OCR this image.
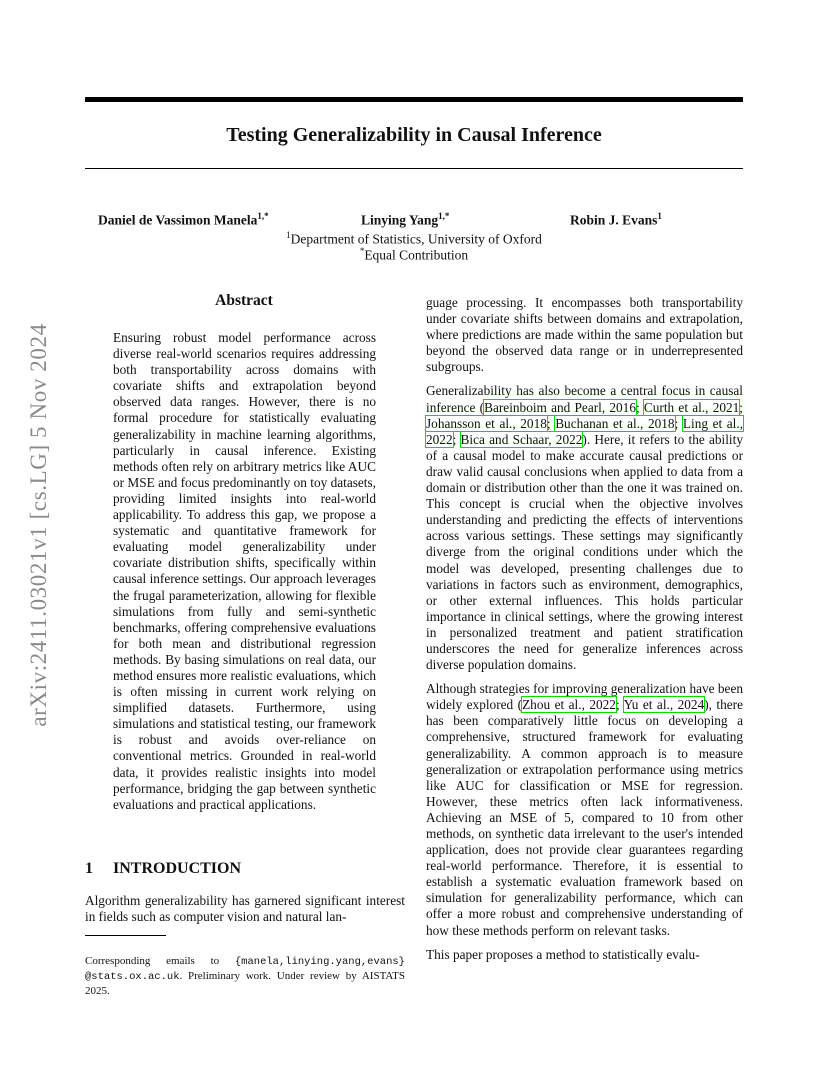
Testing Generalizability in Causal Inference
Daniel de Vassimon Manela$^{1,*}$	Linying Yang$^{1,*}$	Robin J. Evans$^1$
$^1$Department of Statistics, University of Oxford
*Equal Contribution
arXiv:2411.03021v1 [cs.LG] 5 Nov 2024
Abstract

Ensuring robust model performance across diverse real-world scenarios requires addressing both transportability across domains with covariate shifts and extrapolation beyond observed data ranges. However, there is no formal procedure for statistically evaluating generalizability in machine learning algorithms, particularly in causal inference. Existing methods often rely on arbitrary metrics like AUC or MSE and focus predominantly on toy datasets, providing limited insights into real-world applicability. To address this gap, we propose a systematic and quantitative framework for evaluating model generalizability under covariate distribution shifts, specifically within causal inference settings. Our approach leverages the frugal parameterization, allowing for flexible simulations from fully and semi-synthetic benchmarks, offering comprehensive evaluations for both mean and distributional regression methods. By basing simulations on real data, our method ensures more realistic evaluations, which is often missing in current work relying on simplified datasets. Furthermore, using simulations and statistical testing, our framework is robust and avoids over-reliance on conventional metrics. Grounded in real-world data, it provides realistic insights into model performance, bridging the gap between synthetic evaluations and practical applications.

1 INTRODUCTION

Algorithm generalizability has garnered significant interest in fields such as computer vision and natural lan-

Corresponding emails to {manela,linying.yang,evans} @stats.ox.ac.uk. Preliminary work. Under review by AISTATS 2025.

guage processing. It encompasses both transportability under covariate shifts between domains and extrapolation, where predictions are made within the same population but beyond the observed data range or in underrepresented subgroups.

Generalizability has also become a central focus in causal inference (Bareinboim and Pearl, 2016; Curth et al., 2021; Johansson et al., 2018; Buchanan et al., 2018; Ling et al., 2022; Bica and Schaar, 2022). Here, it refers to the ability of a causal model to make accurate causal predictions or draw valid causal conclusions when applied to data from a domain or distribution other than the one it was trained on. This concept is crucial when the objective involves understanding and predicting the effects of interventions across various settings. These settings may significantly diverge from the original conditions under which the model was developed, presenting challenges due to variations in factors such as environment, demographics, or other external influences. This holds particular importance in clinical settings, where the growing interest in personalized treatment and patient stratification underscores the need for generalize inferences across diverse population domains.

Although strategies for improving generalization have been widely explored (Zhou et al., 2022; Yu et al., 2024), there has been comparatively little focus on developing a comprehensive, structured framework for evaluating generalizability. A common approach is to measure generalization or extrapolation performance using metrics like AUC for classification or MSE for regression. However, these metrics often lack informativeness. Achieving an MSE of 5, compared to 10 from other methods, on synthetic data irrelevant to the user's intended application, does not provide clear guarantees regarding real-world performance. Therefore, it is essential to establish a systematic evaluation framework based on simulation for generalizability performance, which can offer a more robust and comprehensive understanding of how these methods perform on relevant tasks.

This paper proposes a method to statistically evalu-
